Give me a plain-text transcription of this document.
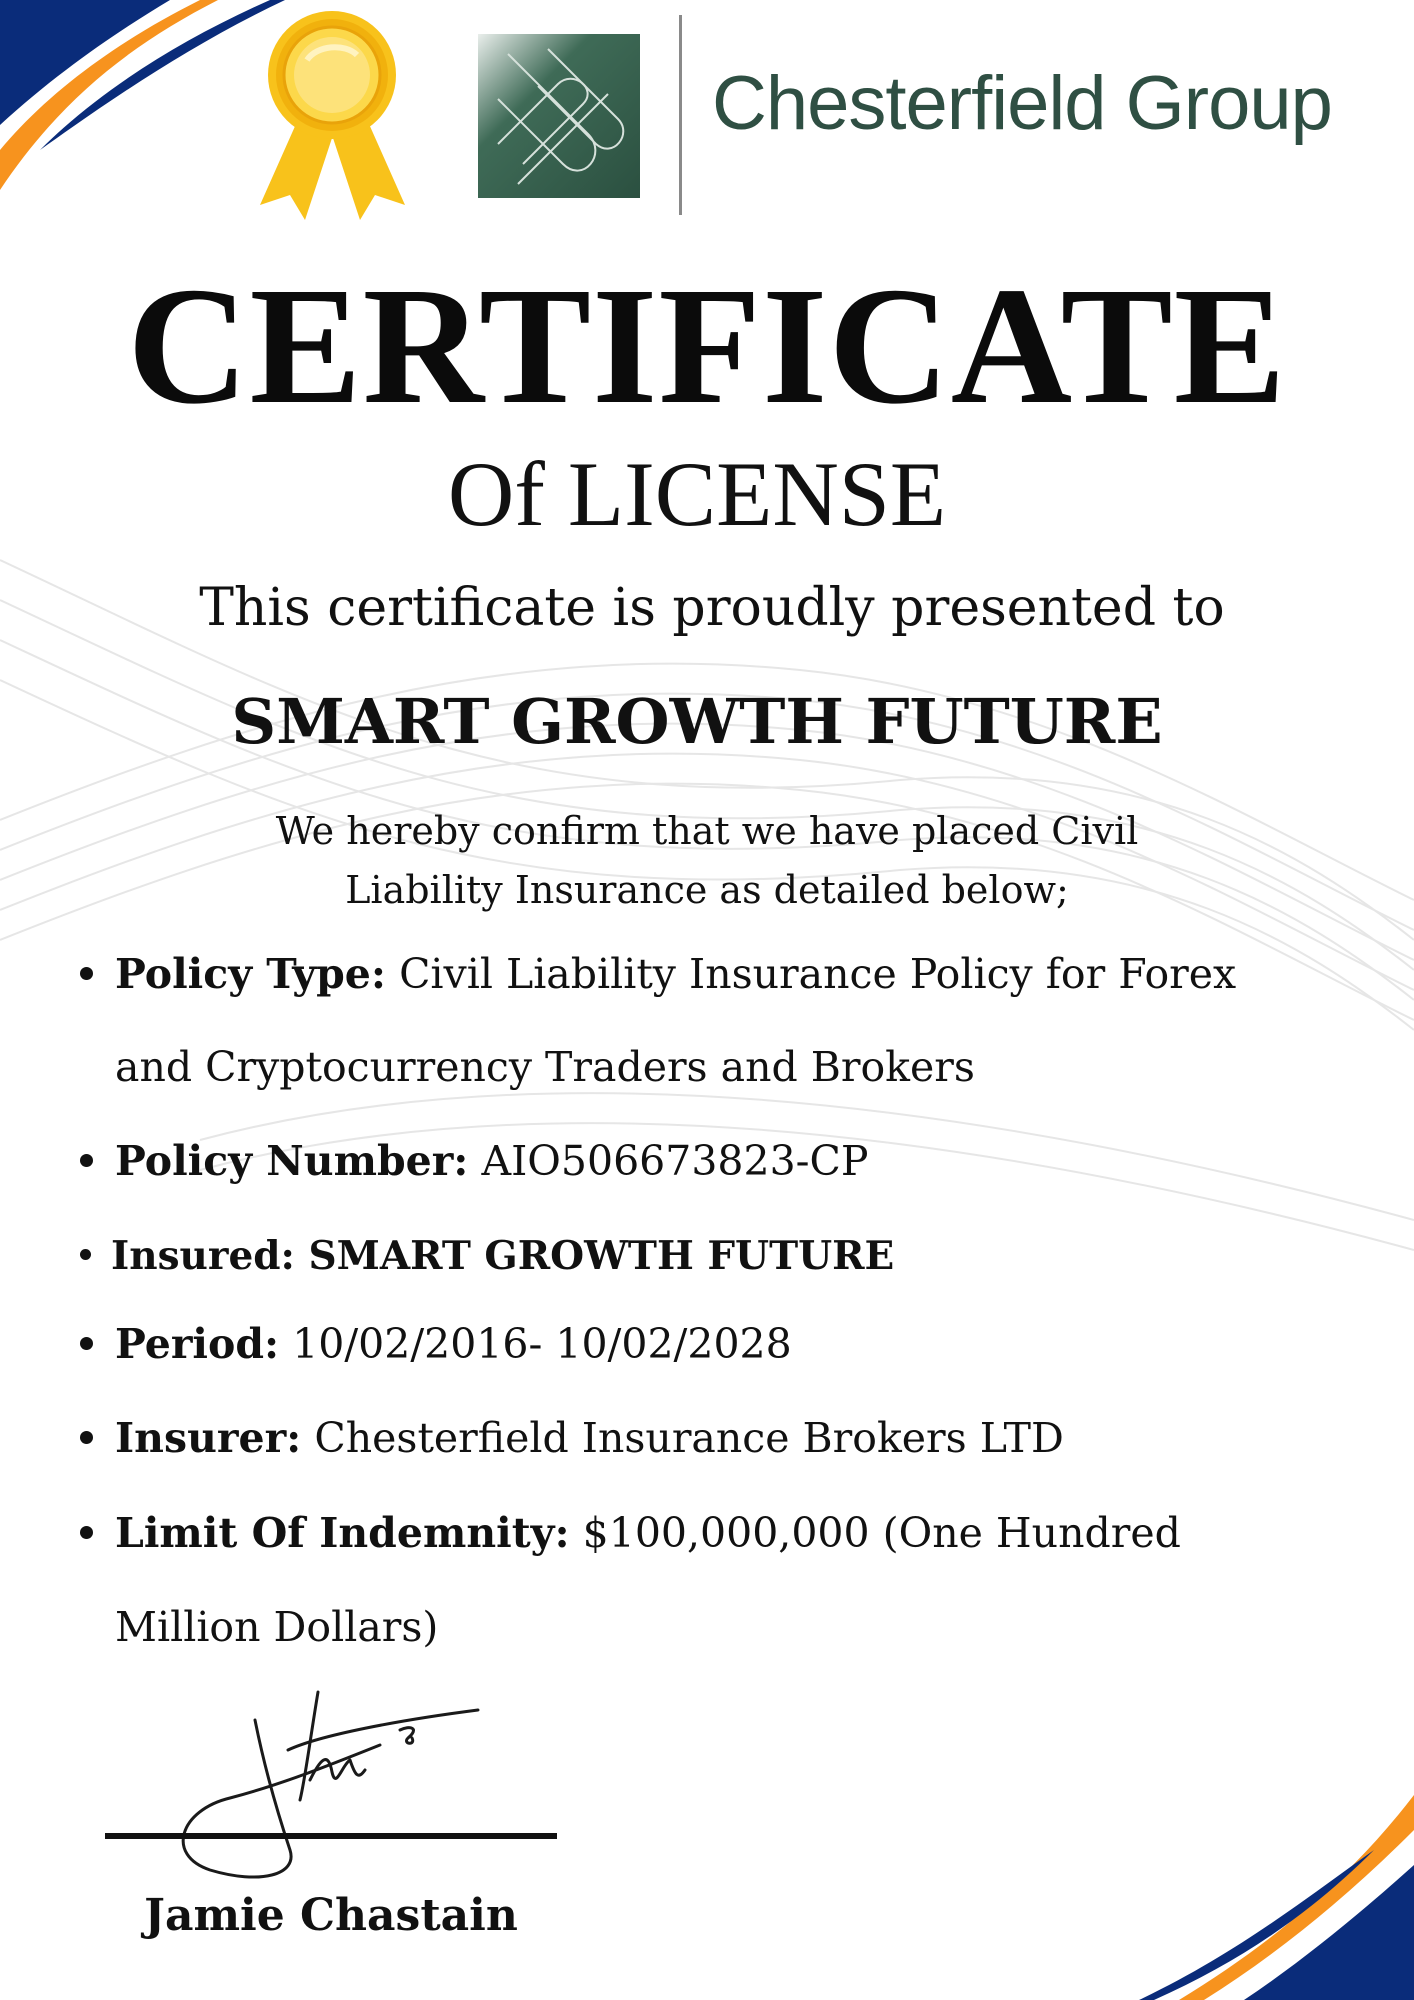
Chesterfield Group
CERTIFICATE
Of LICENSE
This certificate is proudly presented to
SMART GROWTH FUTURE
We hereby confirm that we have placed Civil
Liability Insurance as detailed below;
Policy Type: Civil Liability Insurance Policy for Forex
and Cryptocurrency Traders and Brokers
Policy Number: AIO506673823-CP
Insured: SMART GROWTH FUTURE
Period: 10/02/2016- 10/02/2028
Insurer: Chesterfield Insurance Brokers LTD
Limit Of Indemnity: $100,000,000 (One Hundred
Million Dollars)
Jamie Chastain
